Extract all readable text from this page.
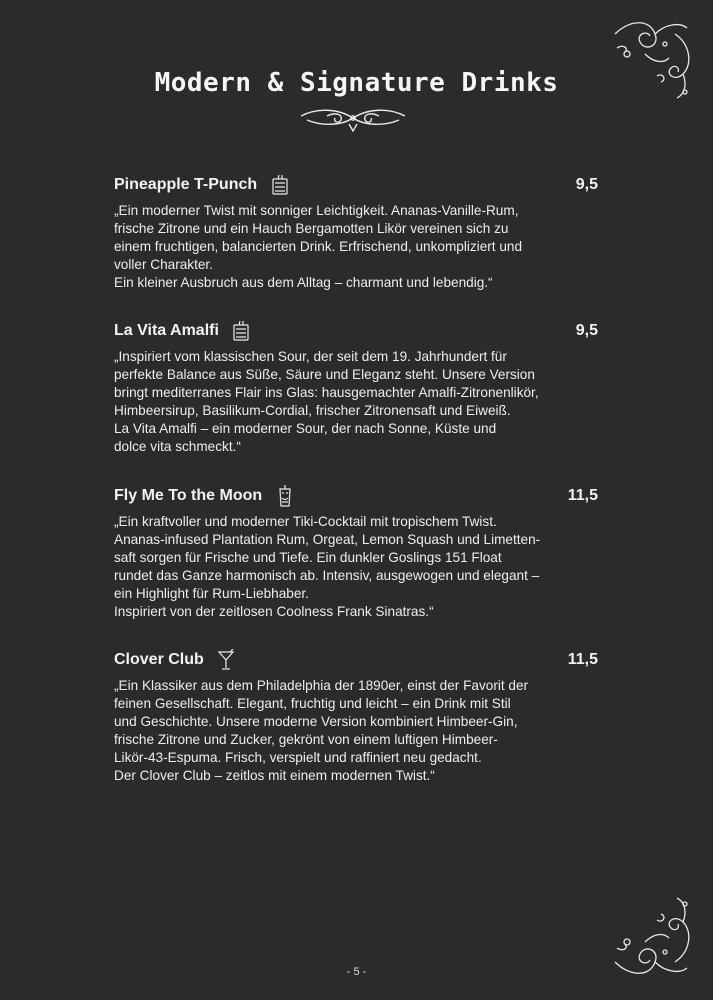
Modern & Signature Drinks
Pineapple T-Punch	9,5
„Ein moderner Twist mit sonniger Leichtigkeit. Ananas-Vanille-Rum,
frische Zitrone und ein Hauch Bergamotten Likör vereinen sich zu
einem fruchtigen, balancierten Drink. Erfrischend, unkompliziert und
voller Charakter.
Ein kleiner Ausbruch aus dem Alltag – charmant und lebendig.“
La Vita Amalfi	9,5
„Inspiriert vom klassischen Sour, der seit dem 19. Jahrhundert für
perfekte Balance aus Süße, Säure und Eleganz steht. Unsere Version
bringt mediterranes Flair ins Glas: hausgemachter Amalfi-Zitronenlikör,
Himbeersirup, Basilikum-Cordial, frischer Zitronensaft und Eiweiß.
La Vita Amalfi – ein moderner Sour, der nach Sonne, Küste und
dolce vita schmeckt.“
Fly Me To the Moon	11,5
„Ein kraftvoller und moderner Tiki-Cocktail mit tropischem Twist.
Ananas-infused Plantation Rum, Orgeat, Lemon Squash und Limetten-
saft sorgen für Frische und Tiefe. Ein dunkler Goslings 151 Float
rundet das Ganze harmonisch ab. Intensiv, ausgewogen und elegant –
ein Highlight für Rum-Liebhaber.
Inspiriert von der zeitlosen Coolness Frank Sinatras.“
Clover Club	11,5
„Ein Klassiker aus dem Philadelphia der 1890er, einst der Favorit der
feinen Gesellschaft. Elegant, fruchtig und leicht – ein Drink mit Stil
und Geschichte. Unsere moderne Version kombiniert Himbeer-Gin,
frische Zitrone und Zucker, gekrönt von einem luftigen Himbeer-
Likör-43-Espuma. Frisch, verspielt und raffiniert neu gedacht.
Der Clover Club – zeitlos mit einem modernen Twist.“
- 5 -
